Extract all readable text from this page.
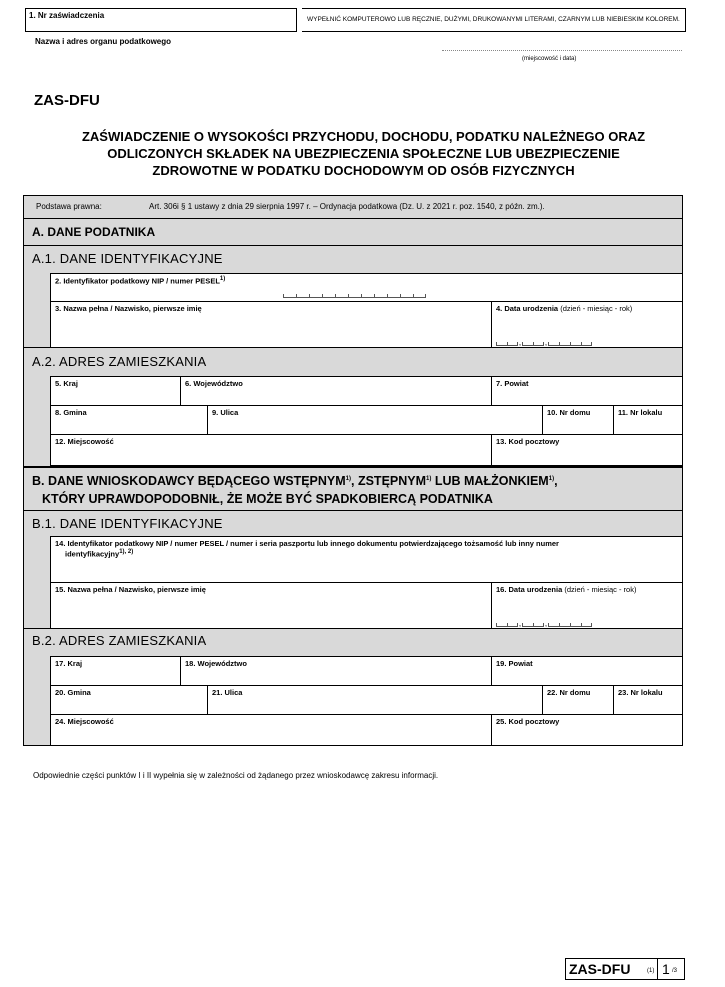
1. Nr zaświadczenia	WYPEŁNIĆ KOMPUTEROWO LUB RĘCZNIE, DUŻYMI, DRUKOWANYMI LITERAMI, CZARNYM LUB NIEBIESKIM KOLOREM.
Nazwa i adres organu podatkowego
(miejscowość i data)
ZAS-DFU
ZAŚWIADCZENIE O WYSOKOŚCI PRZYCHODU, DOCHODU, PODATKU NALEŻNEGO ORAZ
ODLICZONYCH SKŁADEK NA UBEZPIECZENIA SPOŁECZNE LUB UBEZPIECZENIE
ZDROWOTNE W PODATKU DOCHODOWYM OD OSÓB FIZYCZNYCH
Podstawa prawna:	Art. 306i § 1 ustawy z dnia 29 sierpnia 1997 r. – Ordynacja podatkowa (Dz. U. z 2021 r. poz. 1540, z późn. zm.).
A. DANE PODATNIKA
A.1. DANE IDENTYFIKACYJNE
2. Identyfikator podatkowy NIP / numer PESEL$^{1)}$
3. Nazwa pełna / Nazwisko, pierwsze imię	4. Data urodzenia (dzień - miesiąc - rok)
,	,
A.2. ADRES ZAMIESZKANIA
5. Kraj	6. Województwo	7. Powiat
8. Gmina	9. Ulica	10. Nr domu	11. Nr lokalu
12. Miejscowość	13. Kod pocztowy
B. DANE WNIOSKODAWCY BĘDĄCEGO WSTĘPNYM$^{1)}$, ZSTĘPNYM$^{1)}$ LUB MAŁŻONKIEM$^{1)}$,
KTÓRY UPRAWDOPODOBNIŁ, ŻE MOŻE BYĆ SPADKOBIERCĄ PODATNIKA
B.1. DANE IDENTYFIKACYJNE
14. Identyfikator podatkowy NIP / numer PESEL / numer i seria paszportu lub innego dokumentu potwierdzającego tożsamość lub inny numer
identyfikacyjny$^{1), 2)}$
15. Nazwa pełna / Nazwisko, pierwsze imię	16. Data urodzenia (dzień - miesiąc - rok)
,	,
B.2. ADRES ZAMIESZKANIA
17. Kraj	18. Województwo	19. Powiat
20. Gmina	21. Ulica	22. Nr domu	23. Nr lokalu
24. Miejscowość	25. Kod pocztowy
Odpowiednie części punktów I i II wypełnia się w zależności od żądanego przez wnioskodawcę zakresu informacji.
ZAS-DFU	(1) 1 /3
